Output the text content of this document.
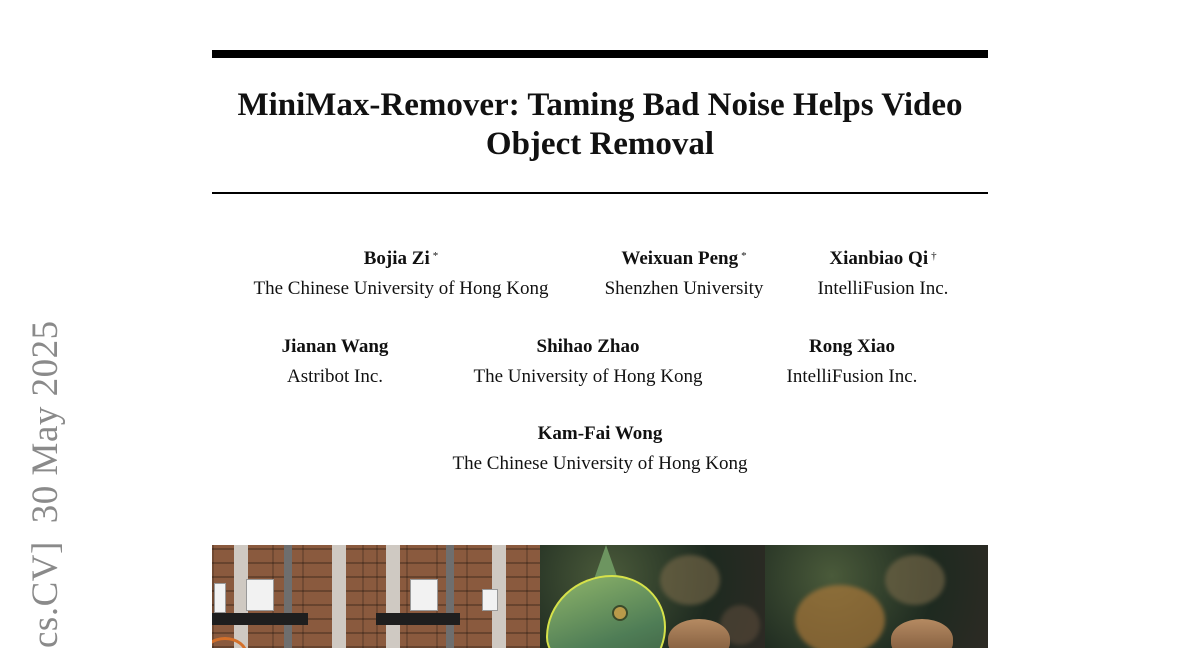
MiniMax-Remover: Taming Bad Noise Helps Video
Object Removal
Bojia Zi *
The Chinese University of Hong Kong
Weixuan Peng *
Shenzhen University
Xianbiao Qi †
IntelliFusion Inc.
Jianan Wang
Astribot Inc.
Shihao Zhao
The University of Hong Kong
Rong Xiao
IntelliFusion Inc.
Kam-Fai Wong
The Chinese University of Hong Kong
cs.CV]30 May 2025
